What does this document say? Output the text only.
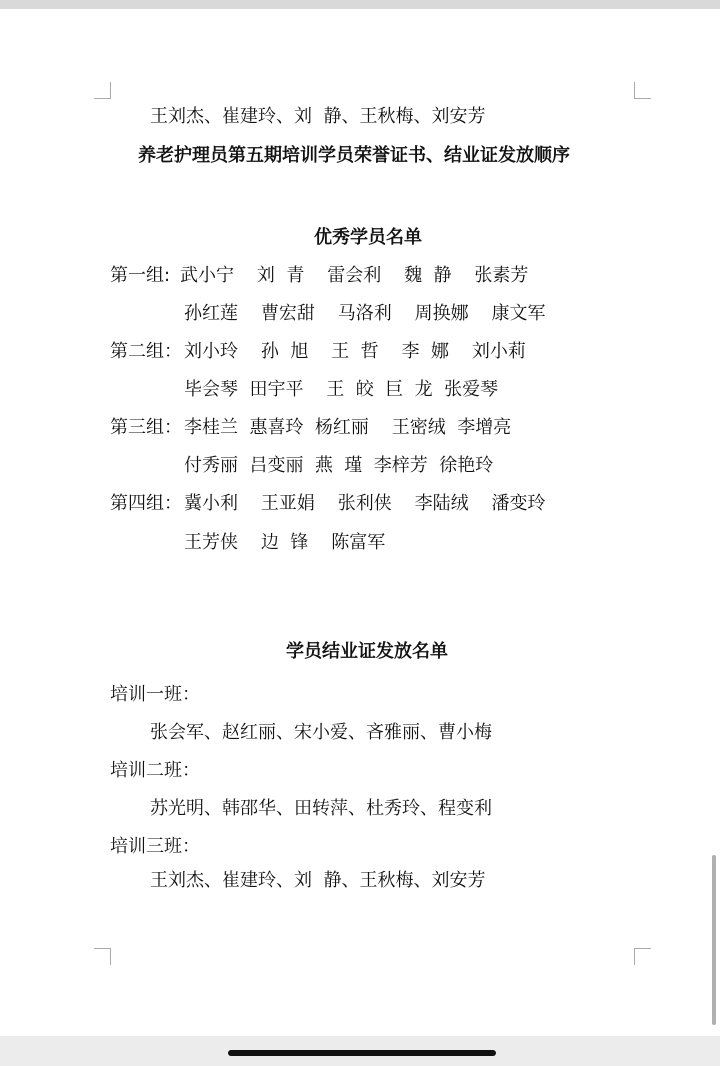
王刘杰、崔建玲、刘  静、王秋梅、刘安芳
养老护理员第五期培训学员荣誉证书、结业证发放顺序
优秀学员名单
第一组: 武小宁    刘  青    雷会利    魏  静    张素芳
孙红莲    曹宏甜    马洛利    周换娜    康文军
第二组： 刘小玲    孙  旭    王  哲    李  娜    刘小莉
毕会琴  田宇平    王  皎  巨  龙  张爱琴
第三组： 李桂兰  惠喜玲  杨红丽    王密绒  李增亮
付秀丽  吕变丽  燕  瑾  李梓芳  徐艳玲
第四组： 冀小利    王亚娟    张利侠    李陆绒    潘变玲
王芳侠    边  锋    陈富军
学员结业证发放名单
培训一班：
张会军、赵红丽、宋小爱、吝雅丽、曹小梅
培训二班：
苏光明、韩邵华、田转萍、杜秀玲、程变利
培训三班：
王刘杰、崔建玲、刘  静、王秋梅、刘安芳
